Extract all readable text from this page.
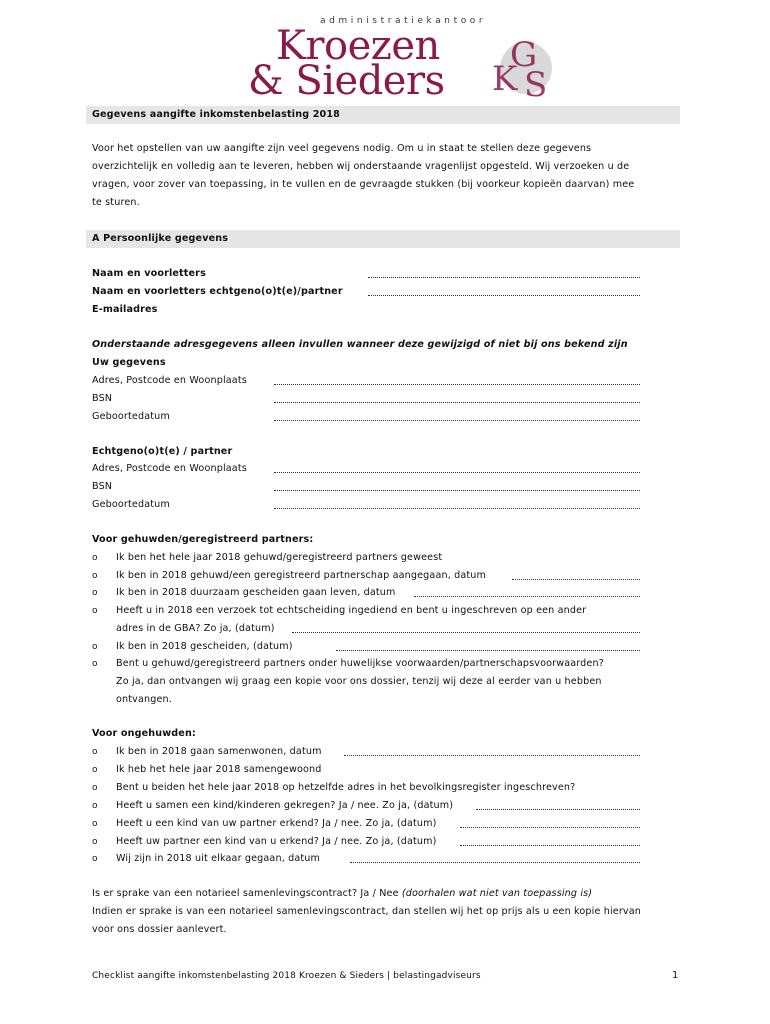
administratiekantoor
Kroezen
& Sieders
G
K S
Gegevens aangifte inkomstenbelasting 2018
Voor het opstellen van uw aangifte zijn veel gegevens nodig. Om u in staat te stellen deze gegevens
overzichtelijk en volledig aan te leveren, hebben wij onderstaande vragenlijst opgesteld. Wij verzoeken u de
vragen, voor zover van toepassing, in te vullen en de gevraagde stukken (bij voorkeur kopieën daarvan) mee
te sturen.
A Persoonlijke gegevens
Naam en voorletters
Naam en voorletters echtgeno(o)t(e)/partner
E-mailadres
Onderstaande adresgegevens alleen invullen wanneer deze gewijzigd of niet bij ons bekend zijn
Uw gegevens
Adres, Postcode en Woonplaats
BSN
Geboortedatum
Echtgeno(o)t(e) / partner
Adres, Postcode en Woonplaats
BSN
Geboortedatum
Voor gehuwden/geregistreerd partners:
o Ik ben het hele jaar 2018 gehuwd/geregistreerd partners geweest
o Ik ben in 2018 gehuwd/een geregistreerd partnerschap aangegaan, datum
o Ik ben in 2018 duurzaam gescheiden gaan leven, datum
o Heeft u in 2018 een verzoek tot echtscheiding ingediend en bent u ingeschreven op een ander
adres in de GBA? Zo ja, (datum)
o Ik ben in 2018 gescheiden, (datum)
o Bent u gehuwd/geregistreerd partners onder huwelijkse voorwaarden/partnerschapsvoorwaarden?
Zo ja, dan ontvangen wij graag een kopie voor ons dossier, tenzij wij deze al eerder van u hebben
ontvangen.
Voor ongehuwden:
o Ik ben in 2018 gaan samenwonen, datum
o Ik heb het hele jaar 2018 samengewoond
o Bent u beiden het hele jaar 2018 op hetzelfde adres in het bevolkingsregister ingeschreven?
o Heeft u samen een kind/kinderen gekregen? Ja / nee. Zo ja, (datum)
o Heeft u een kind van uw partner erkend? Ja / nee. Zo ja, (datum)
o Heeft uw partner een kind van u erkend? Ja / nee. Zo ja, (datum)
o Wij zijn in 2018 uit elkaar gegaan, datum
Is er sprake van een notarieel samenlevingscontract? Ja / Nee (doorhalen wat niet van toepassing is)
Indien er sprake is van een notarieel samenlevingscontract, dan stellen wij het op prijs als u een kopie hiervan
voor ons dossier aanlevert.
Checklist aangifte inkomstenbelasting 2018 Kroezen & Sieders | belastingadviseurs	1
